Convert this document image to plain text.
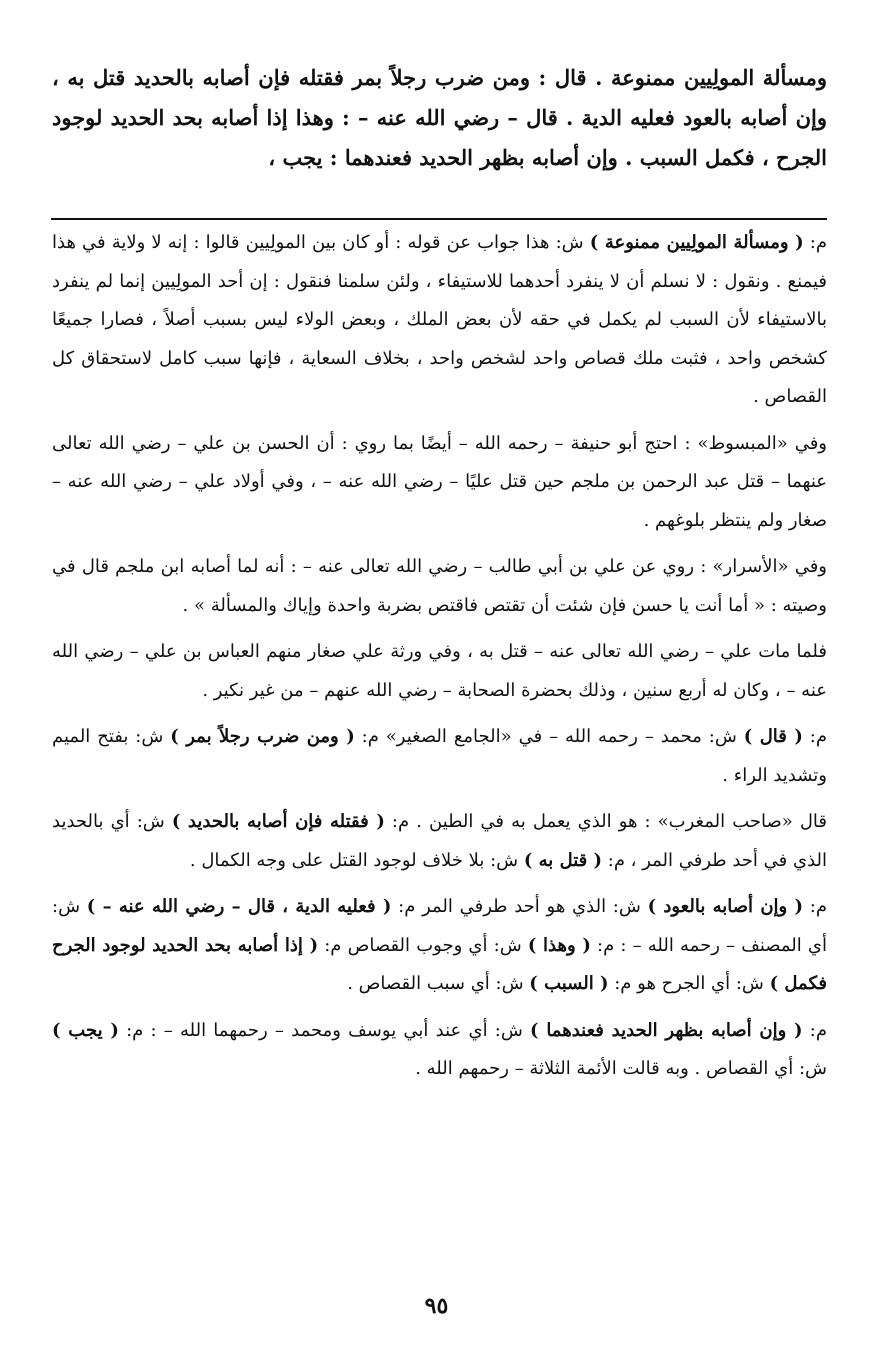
ومسألة المولِيين ممنوعة . قال : ومن ضرب رجلاً بمر فقتله فإن أصابه بالحديد قتل به ، وإن أصابه بالعود فعليه الدية . قال – رضي الله عنه – : وهذا إذا أصابه بحد الحديد لوجود الجرح ، فكمل السبب . وإن أصابه بظهر الحديد فعندهما : يجب ،

م: ( ومسألة المولِيين ممنوعة ) ش: هذا جواب عن قوله : أو كان بين المولِيين قالوا : إنه لا ولاية في هذا فيمنع . ونقول : لا نسلم أن لا ينفرد أحدهما للاستيفاء ، ولئن سلمنا فنقول : إن أحد المولِيين إنما لم ينفرد بالاستيفاء لأن السبب لم يكمل في حقه لأن بعض الملك ، وبعض الولاء ليس بسبب أصلاً ، فصارا جميعًا كشخص واحد ، فثبت ملك قصاص واحد لشخص واحد ، بخلاف السعاية ، فإنها سبب كامل لاستحقاق كل القصاص .

وفي «المبسوط» : احتج أبو حنيفة – رحمه الله – أيضًا بما روي : أن الحسن بن علي – رضي الله تعالى عنهما – قتل عبد الرحمن بن ملجم حين قتل عليًا – رضي الله عنه – ، وفي أولاد علي – رضي الله عنه – صغار ولم ينتظر بلوغهم .

وفي «الأسرار» : روي عن علي بن أبي طالب – رضي الله تعالى عنه – : أنه لما أصابه ابن ملجم قال في وصيته : « أما أنت يا حسن فإن شئت أن تقتص فاقتص بضربة واحدة وإياك والمسألة » .

فلما مات علي – رضي الله تعالى عنه – قتل به ، وفي ورثة علي صغار منهم العباس بن علي – رضي الله عنه – ، وكان له أربع سنين ، وذلك بحضرة الصحابة – رضي الله عنهم – من غير نكير .

م: ( قال ) ش: محمد – رحمه الله – في «الجامع الصغير» م: ( ومن ضرب رجلاً بمر ) ش: بفتح الميم وتشديد الراء .

قال «صاحب المغرب» : هو الذي يعمل به في الطين . م: ( فقتله فإن أصابه بالحديد ) ش: أي بالحديد الذي في أحد طرفي المر ، م: ( قتل به ) ش: بلا خلاف لوجود القتل على وجه الكمال .

م: ( وإن أصابه بالعود ) ش: الذي هو أحد طرفي المر م: ( فعليه الدية ، قال – رضي الله عنه – ) ش: أي المصنف – رحمه الله – : م: ( وهذا ) ش: أي وجوب القصاص م: ( إذا أصابه بحد الحديد لوجود الجرح فكمل ) ش: أي الجرح هو م: ( السبب ) ش: أي سبب القصاص .

م: ( وإن أصابه بظهر الحديد فعندهما ) ش: أي عند أبي يوسف ومحمد – رحمهما الله – : م: ( يجب ) ش: أي القصاص . وبه قالت الأئمة الثلاثة – رحمهم الله .

٩٥
